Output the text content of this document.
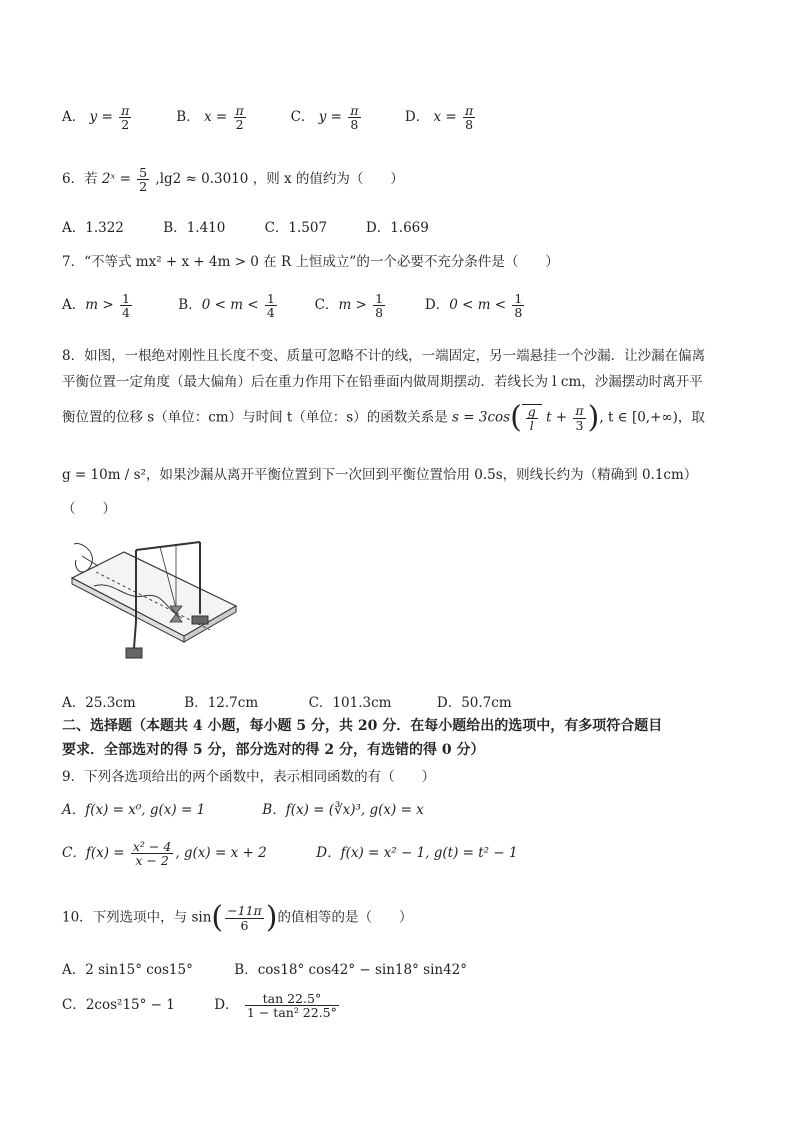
A． $y = \frac{\pi}{2}$	B． $x = \frac{\pi}{2}$	C． $y = \frac{\pi}{8}$	D． $x = \frac{\pi}{8}$
6．若 2ˣ = $\frac{5}{2} ,\lg 2 \approx 0.3010$ ，则 x 的值约为（　　）
A．1.322	B．1.410	C．1.507	D．1.669
7．“不等式 mx² + x + 4m > 0 在 R 上恒成立”的一个必要不充分条件是（　　）
A．$m > \frac{1}{4}$	B．$0 < m < \frac{1}{4}$	C．$m > \frac{1}{8}$	D．$0 < m < \frac{1}{8}$
8．如图，一根绝对刚性且长度不变、质量可忽略不计的线，一端固定，另一端悬挂一个沙漏．让沙漏在偏离
平衡位置一定角度（最大偏角）后在重力作用下在铅垂面内做周期摆动．若线长为 l cm，沙漏摆动时离开平
衡位置的位移 s（单位：cm）与时间 t（单位：s）的函数关系是 $s = 3\cos( \frac{g}{l}$ $t + \frac{\pi}{3}$ ), t ∈ [0,+∞)，取
g = 10m / s²，如果沙漏从离开平衡位置到下一次回到平衡位置恰用 0.5s，则线长约为（精确到 0.1cm）
（　　）
A．25.3cm	B．12.7cm	C．101.3cm	D．50.7cm
二、选择题（本题共 4 小题，每小题 5 分，共 20 分．在每小题给出的选项中，有多项符合题目
要求．全部选对的得 5 分，部分选对的得 2 分，有选错的得 0 分）
9．下列各选项给出的两个函数中，表示相同函数的有（　　）
A．f(x) = x⁰, g(x) = 1	B．f(x) = (∛x)³, g(x) = x
C．$f(x) = \frac{\text{x² − 4}}{x - 2}$ , g(x) = x + 2	D．f(x) = x² − 1, g(t) = t² − 1
10．下列选项中，与 $\sin( \frac{-11\pi}{6}$ )的值相等的是（　　）
A．2 sin15° cos15°	B．cos18° cos42° − sin18° sin42°
C．2cos²15° − 1	D． $\frac{\tan 22.5^\circ}{\text{1 − tan² 22.5°}}$
